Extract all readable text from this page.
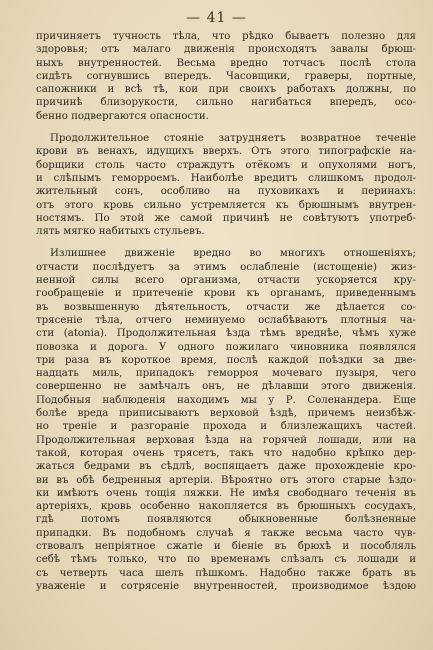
— 41 —
причиняетъ тучность тѣла, что рѣдко бываетъ полезно для
здоровья; отъ малаго движенія происходятъ завалы брюш-
ныхъ внутренностей. Весьма вредно тотчасъ послѣ стола
сидѣть согнувшись впередъ. Часовщики, граверы, портные,
сапожники и всѣ тѣ, кои при своихъ работахъ должны, по
причинѣ близорукости, сильно нагибаться впередъ, осо-
бенно подвергаются опасности.
Продолжительное стояніе затрудняетъ возвратное теченіе
крови въ венахъ, идущихъ вверхъ. Отъ этого типографскіе на-
борщики столь часто страждутъ отёкомъ и опухолями ногъ,
и слѣпымъ геморроемъ. Наиболѣе вредитъ слишкомъ продол-
жительный сонъ, особливо на пуховикахъ и перинахъ:
отъ этого кровь сильно устремляется къ брюшнымъ внутрен-
ностямъ. По этой же самой причинѣ не совѣтуютъ употреб-
лять мягко набитыхъ стульевъ.
Излишнее движеніе вредно во многихъ отношеніяхъ;
отчасти послѣдуетъ за этимъ ослабленіе (истощеніе) жиз-
ненной силы всего организма, отчасти ускоряется кру-
гообращеніе и притеченіе крови къ органамъ, приведеннымъ
въ возвышенную дѣятельность, отчасти же дѣлается со-
трясеніе тѣла, отчего неминуемо ослабѣваютъ плотныя ча-
сти (atonia). Продолжительная ѣзда тѣмъ вреднѣе, чѣмъ хуже
повозка и дорога. У одного пожилаго чиновника появлялся
три раза въ короткое время, послѣ каждой поѣздки за две-
надцать миль, припадокъ геморроя мочеваго пузыря, чего
совершенно не замѣчалъ онъ, не дѣлавши этого движенія.
Подобныя наблюденія находимъ мы у Р. Соленандера. Еще
болѣе вреда приписываютъ верховой ѣздѣ, причемъ неизбѣж-
но треніе и разгораніе прохода и близлежащихъ частей.
Продолжительная верховая ѣзда на горячей лошади, или на
такой, которая очень трясетъ, такъ что надобно крѣпко дер-
жаться бедрами въ сѣдлѣ, воспящаетъ даже прохожденіе кро-
ви въ обѣ бедренныя артеріи. Вѣроятно отъ этого старые ѣздо-
ки имѣютъ очень тощія ляжки. Не имѣя свободнаго теченія въ
артеріяхъ, кровь особенно накопляется въ брюшныхъ сосудахъ,
гдѣ потомъ появляются обыкновенные болѣзненные
припадки. Въ подобномъ случаѣ я также весьма часто чув-
ствовалъ непріятное сжатіе и біеніе въ брюхѣ и ποсοбляль
себѣ тѣмъ только, что по временамъ слѣзалъ съ лошади и
съ четверть часа шелъ пѣшкомъ. Надобно также брать въ
уваженіе и сотрясеніе внутренностей, производимое ѣздою
